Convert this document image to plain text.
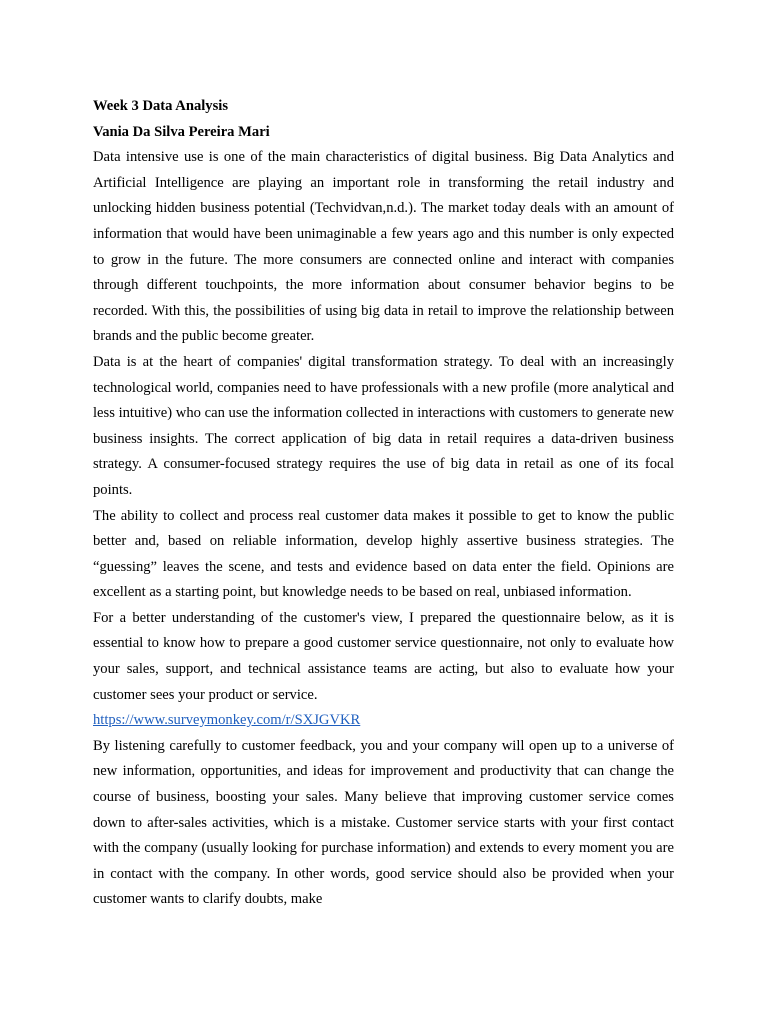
Week 3 Data Analysis

Vania Da Silva Pereira Mari

Data intensive use is one of the main characteristics of digital business. Big Data Analytics and Artificial Intelligence are playing an important role in transforming the retail industry and unlocking hidden business potential (Techvidvan,n.d.). The market today deals with an amount of information that would have been unimaginable a few years ago and this number is only expected to grow in the future. The more consumers are connected online and interact with companies through different touchpoints, the more information about consumer behavior begins to be recorded. With this, the possibilities of using big data in retail to improve the relationship between brands and the public become greater.

Data is at the heart of companies' digital transformation strategy. To deal with an increasingly technological world, companies need to have professionals with a new profile (more analytical and less intuitive) who can use the information collected in interactions with customers to generate new business insights. The correct application of big data in retail requires a data-driven business strategy. A consumer-focused strategy requires the use of big data in retail as one of its focal points.

The ability to collect and process real customer data makes it possible to get to know the public better and, based on reliable information, develop highly assertive business strategies. The “guessing” leaves the scene, and tests and evidence based on data enter the field. Opinions are excellent as a starting point, but knowledge needs to be based on real, unbiased information.

For a better understanding of the customer's view, I prepared the questionnaire below, as it is essential to know how to prepare a good customer service questionnaire, not only to evaluate how your sales, support, and technical assistance teams are acting, but also to evaluate how your customer sees your product or service.

https://www.surveymonkey.com/r/SXJGVKR

By listening carefully to customer feedback, you and your company will open up to a universe of new information, opportunities, and ideas for improvement and productivity that can change the course of business, boosting your sales. Many believe that improving customer service comes down to after-sales activities, which is a mistake. Customer service starts with your first contact with the company (usually looking for purchase information) and extends to every moment you are in contact with the company. In other words, good service should also be provided when your customer wants to clarify doubts, make
